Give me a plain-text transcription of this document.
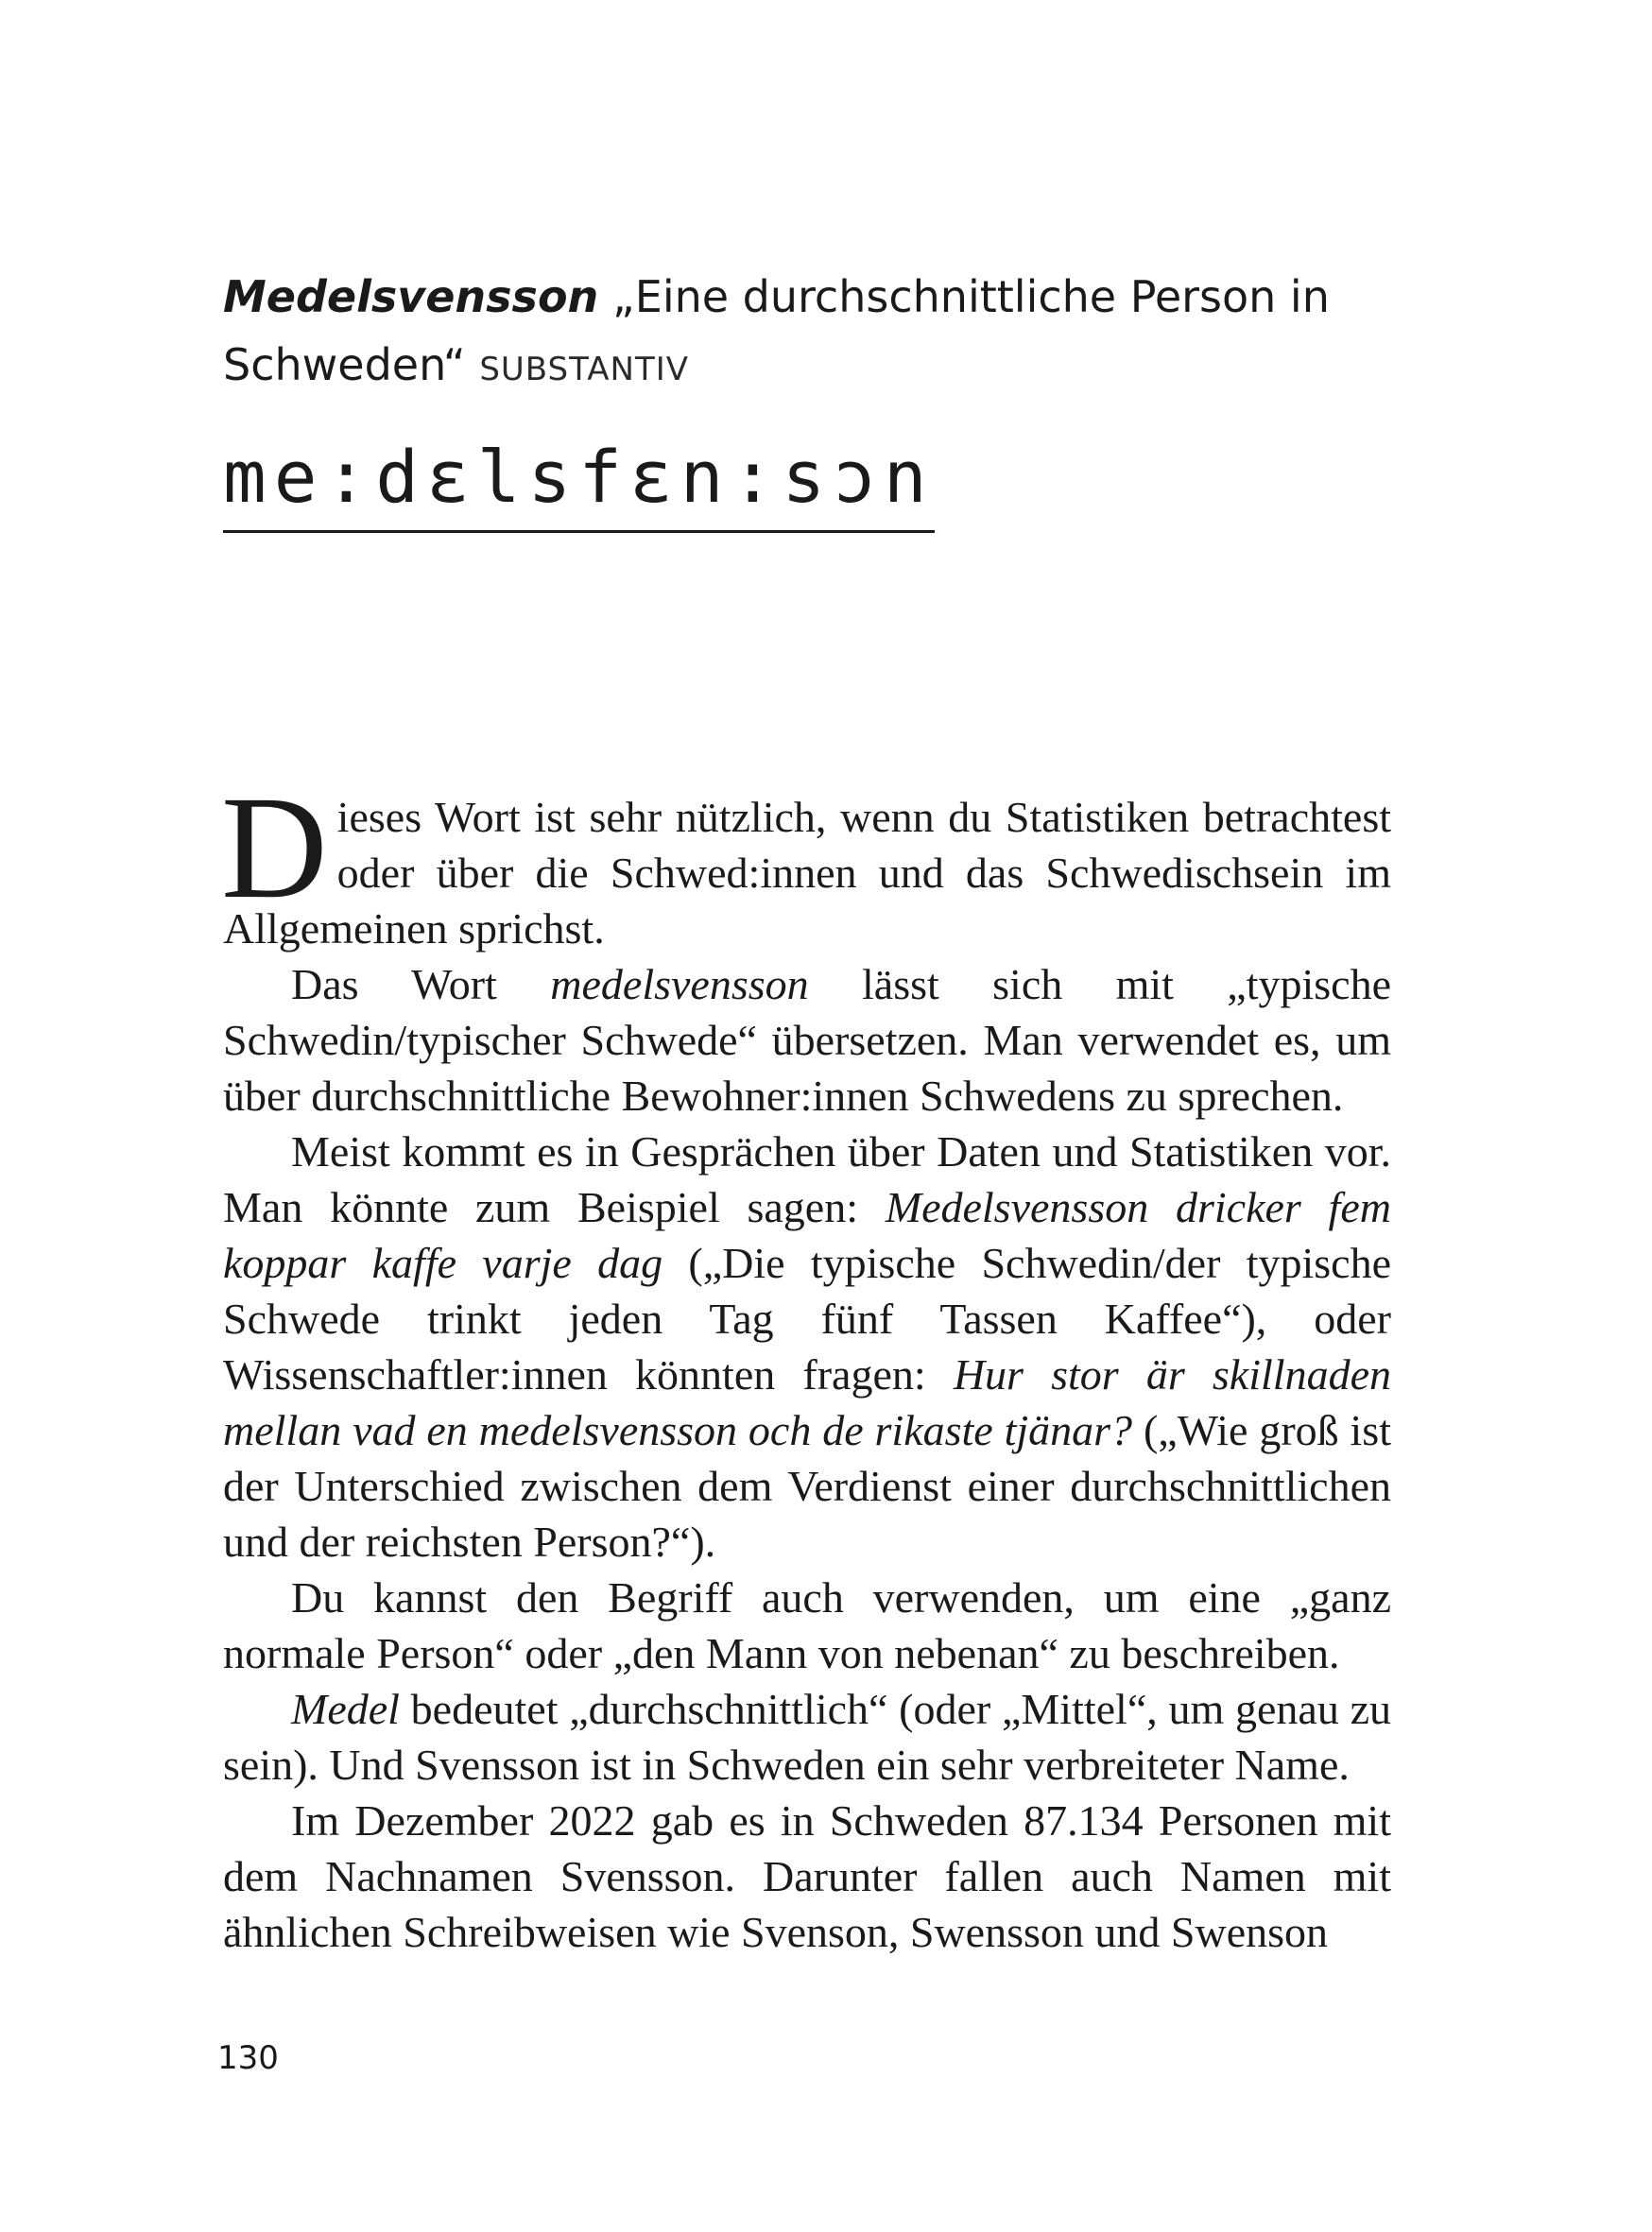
Medelsvensson „Eine durchschnittliche Person in Schweden“ SUBSTANTIV
me:dɛlsfɛn:sɔn

Dieses Wort ist sehr nützlich, wenn du Statistiken betrachtest oder über die Schwed:innen und das Schwedischsein im Allgemeinen sprichst.

Das Wort medelsvensson lässt sich mit „typische Schwedin/typischer Schwede“ übersetzen. Man verwendet es, um über durchschnittliche Bewohner:innen Schwedens zu sprechen.

Meist kommt es in Gesprächen über Daten und Statistiken vor. Man könnte zum Beispiel sagen: Medelsvensson dricker fem koppar kaffe varje dag („Die typische Schwedin/der typische Schwede trinkt jeden Tag fünf Tassen Kaffee“), oder Wissenschaftler:innen könnten fragen: Hur stor är skillnaden mellan vad en medelsvensson och de rikaste tjänar? („Wie groß ist der Unterschied zwischen dem Verdienst einer durchschnittlichen und der reichsten Person?“).

Du kannst den Begriff auch verwenden, um eine „ganz normale Person“ oder „den Mann von nebenan“ zu beschreiben.

Medel bedeutet „durchschnittlich“ (oder „Mittel“, um genau zu sein). Und Svensson ist in Schweden ein sehr verbreiteter Name.

Im Dezember 2022 gab es in Schweden 87.134 Personen mit dem Nachnamen Svensson. Darunter fallen auch Namen mit ähnlichen Schreibweisen wie Svenson, Swensson und Swenson

130
